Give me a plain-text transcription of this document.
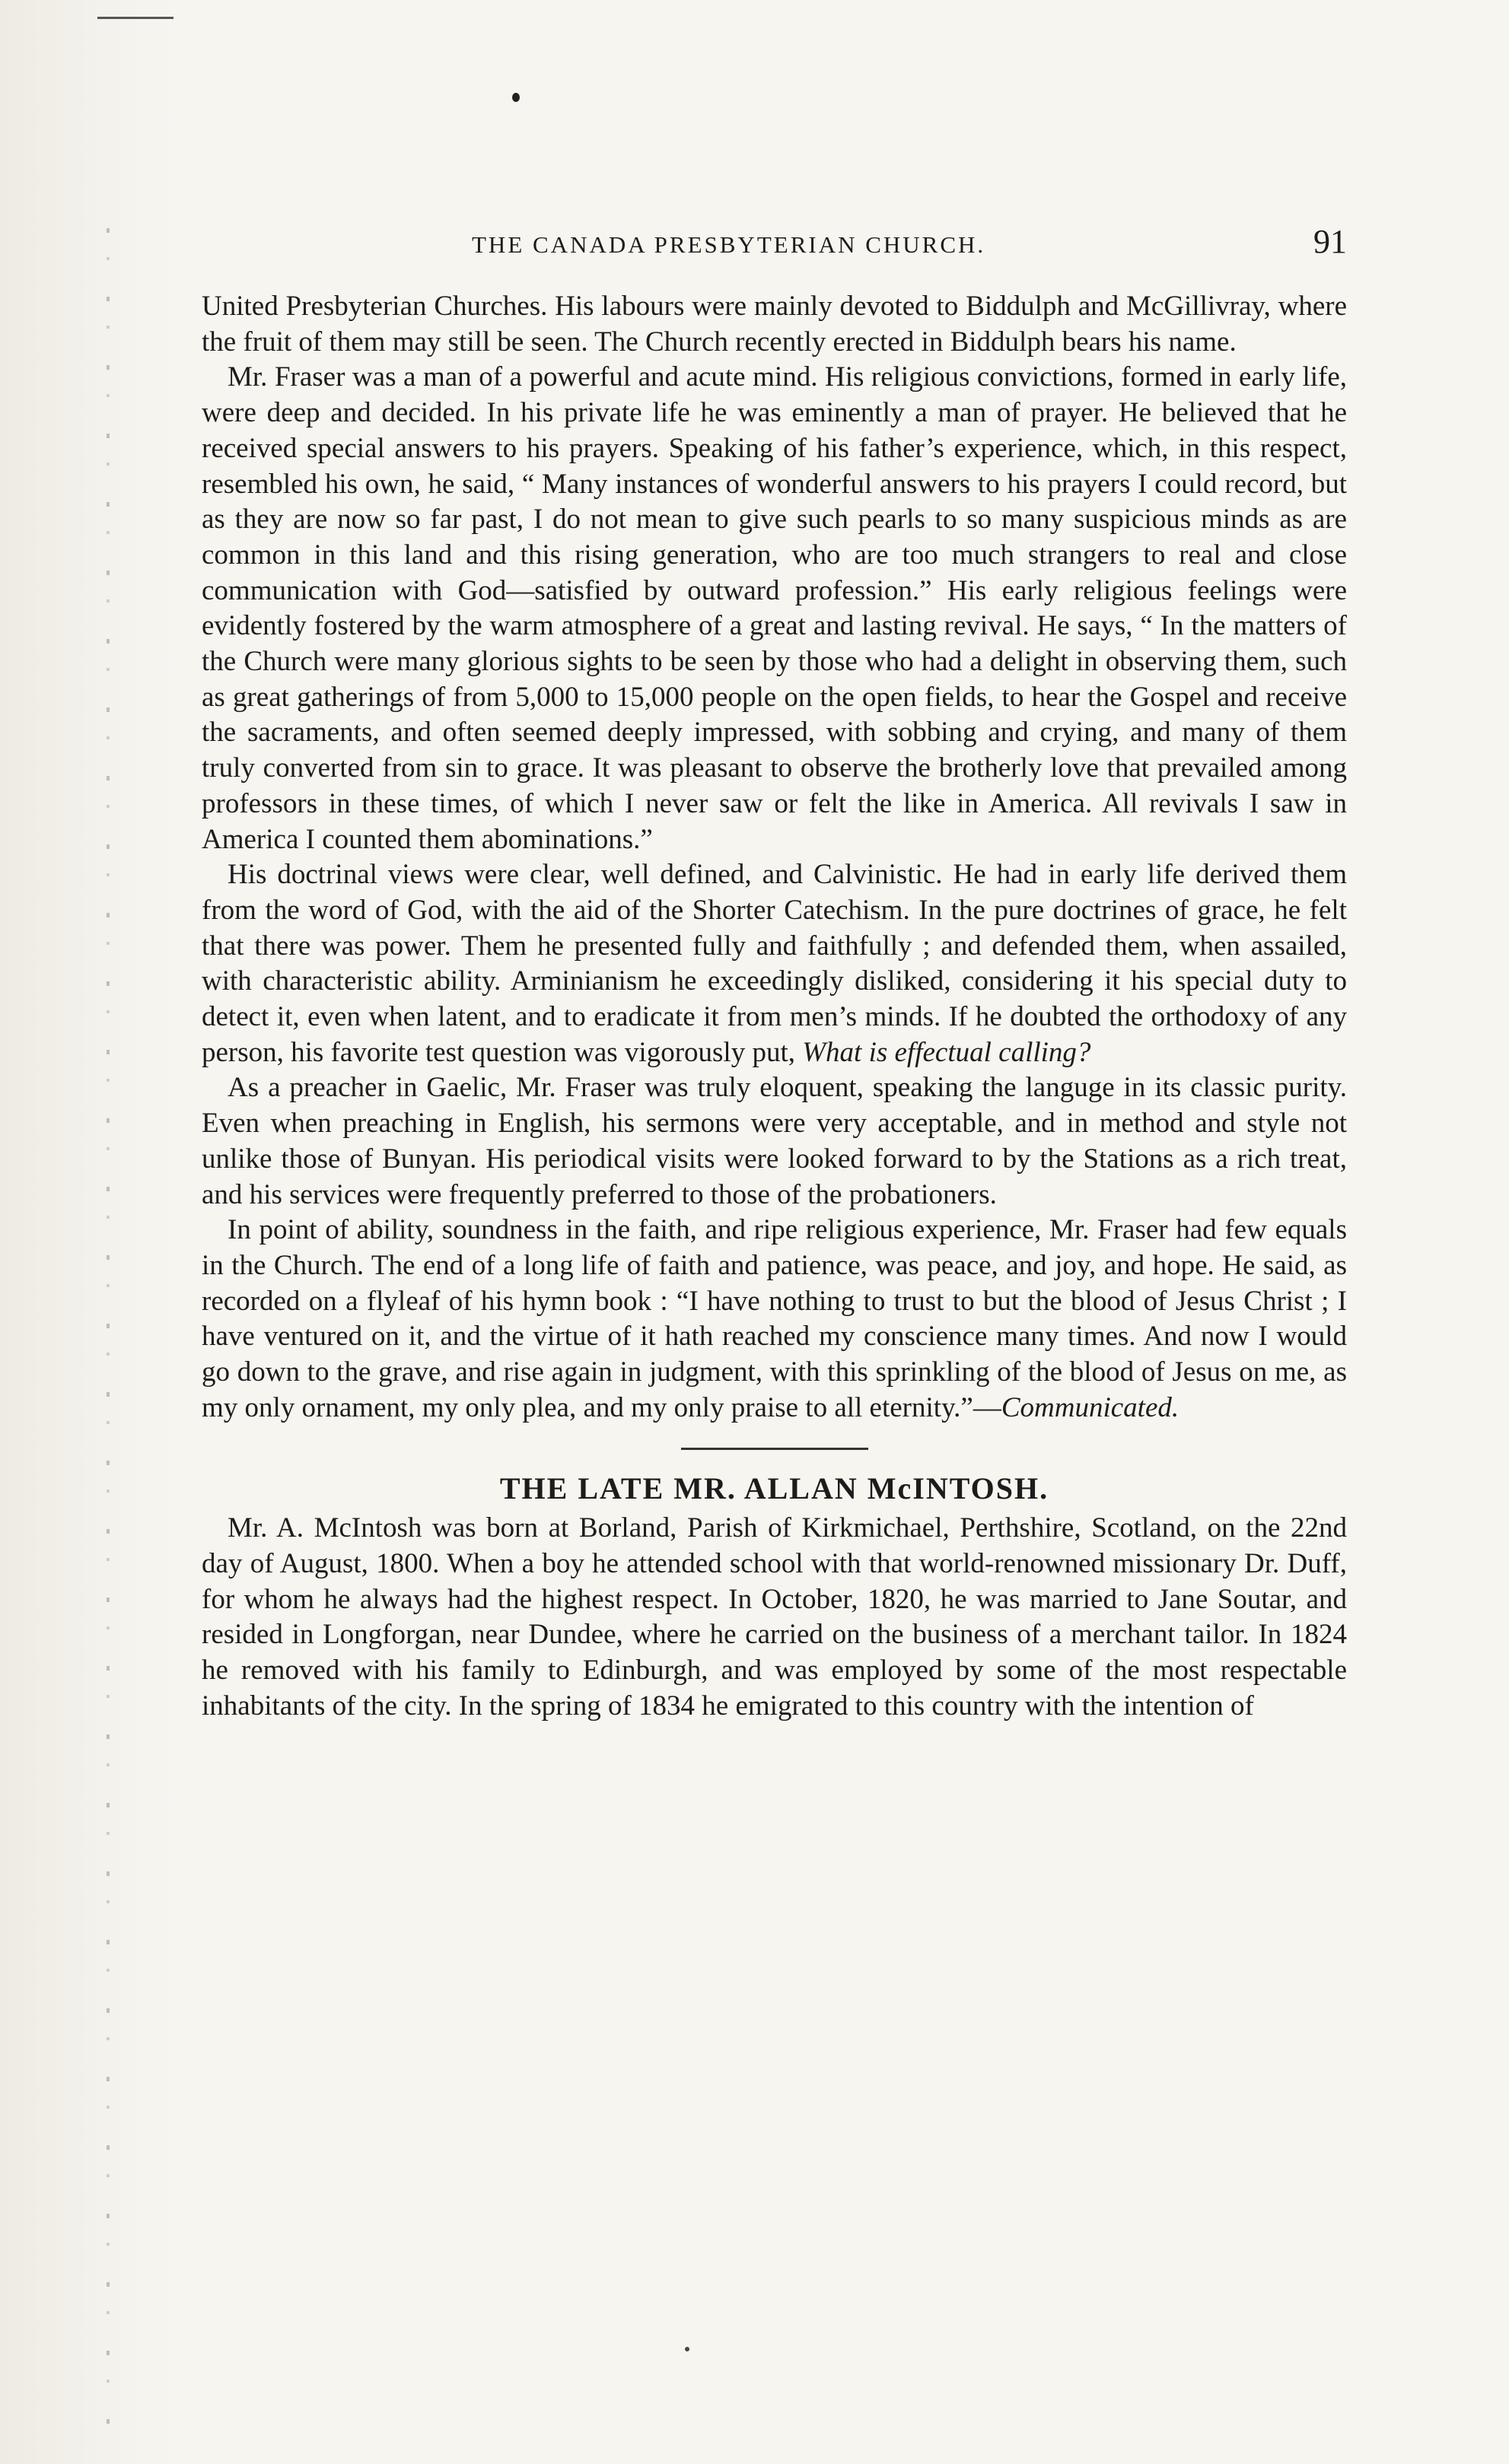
THE CANADA PRESBYTERIAN CHURCH.	91

United Presbyterian Churches. His labours were mainly devoted to Biddulph and McGillivray, where the fruit of them may still be seen. The Church recently erected in Biddulph bears his name.

Mr. Fraser was a man of a powerful and acute mind. His religious convictions, formed in early life, were deep and decided. In his private life he was eminently a man of prayer. He believed that he received special answers to his prayers. Speaking of his father’s experience, which, in this respect, resembled his own, he said, “ Many instances of wonderful answers to his prayers I could record, but as they are now so far past, I do not mean to give such pearls to so many suspicious minds as are common in this land and this rising generation, who are too much strangers to real and close communication with God—satisfied by outward profession.” His early religious feelings were evidently fostered by the warm atmosphere of a great and lasting revival. He says, “ In the matters of the Church were many glorious sights to be seen by those who had a delight in observing them, such as great gatherings of from 5,000 to 15,000 people on the open fields, to hear the Gospel and receive the sacraments, and often seemed deeply impressed, with sobbing and crying, and many of them truly converted from sin to grace. It was pleasant to observe the brotherly love that prevailed among professors in these times, of which I never saw or felt the like in America. All revivals I saw in America I counted them abominations.”

His doctrinal views were clear, well defined, and Calvinistic. He had in early life derived them from the word of God, with the aid of the Shorter Catechism. In the pure doctrines of grace, he felt that there was power. Them he presented fully and faithfully ; and defended them, when assailed, with characteristic ability. Arminianism he exceedingly disliked, considering it his special duty to detect it, even when latent, and to eradicate it from men’s minds. If he doubted the orthodoxy of any person, his favorite test question was vigorously put, What is effectual calling?

As a preacher in Gaelic, Mr. Fraser was truly eloquent, speaking the languge in its classic purity. Even when preaching in English, his sermons were very acceptable, and in method and style not unlike those of Bunyan. His periodical visits were looked forward to by the Stations as a rich treat, and his services were frequently preferred to those of the probationers.

In point of ability, soundness in the faith, and ripe religious experience, Mr. Fraser had few equals in the Church. The end of a long life of faith and patience, was peace, and joy, and hope. He said, as recorded on a flyleaf of his hymn book : “I have nothing to trust to but the blood of Jesus Christ ; I have ventured on it, and the virtue of it hath reached my conscience many times. And now I would go down to the grave, and rise again in judgment, with this sprinkling of the blood of Jesus on me, as my only ornament, my only plea, and my only praise to all eternity.”—Communicated.

THE LATE MR. ALLAN McINTOSH.

Mr. A. McIntosh was born at Borland, Parish of Kirkmichael, Perthshire, Scotland, on the 22nd day of August, 1800. When a boy he attended school with that world-renowned missionary Dr. Duff, for whom he always had the highest respect. In October, 1820, he was married to Jane Soutar, and resided in Longforgan, near Dundee, where he carried on the business of a merchant tailor. In 1824 he removed with his family to Edinburgh, and was employed by some of the most respectable inhabitants of the city. In the spring of 1834 he emigrated to this country with the intention of
